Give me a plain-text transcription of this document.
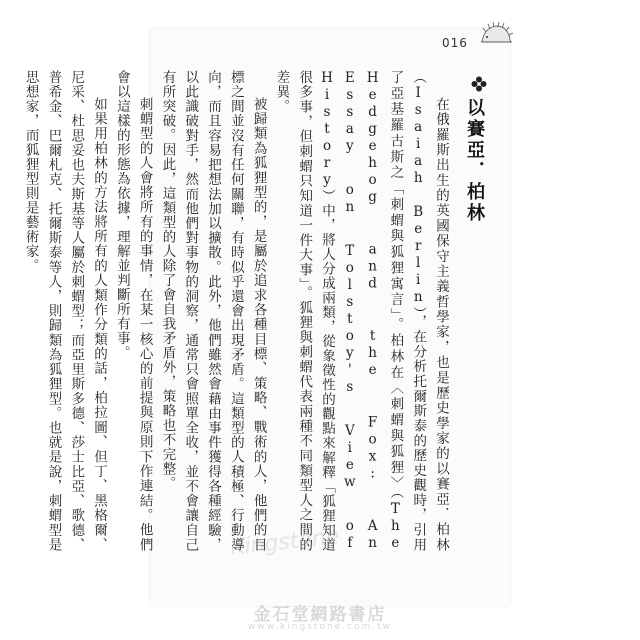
016
以賽亞．柏林

在俄羅斯出生的英國保守主義哲學家，也是歷史學家的以賽亞．柏林（Isaiah Berlin），在分析托爾斯泰的歷史觀時，引用了亞基羅古斯之「刺蝟與狐狸寓言」。柏林在〈刺蝟與狐狸〉（The Hedgehog and the Fox: An Essay on Tolstoy's View of History）中，將人分成兩類，從象徵性的觀點來解釋「狐狸知道很多事，但刺蝟只知道一件大事」。狐狸與刺蝟代表兩種不同類型人之間的差異。

被歸類為狐狸型的，是屬於追求各種目標、策略、戰術的人，他們的目標之間並沒有任何關聯，有時似乎還會出現矛盾。這類型的人積極、行動導向，而且容易把想法加以擴散。此外，他們雖然會藉由事件獲得各種經驗，以此識破對手，然而他們對事物的洞察，通常只會照單全收，並不會讓自己有所突破。因此，這類型的人除了會自我矛盾外，策略也不完整。

刺蝟型的人會將所有的事情，在某一核心的前提與原則下作連結。他們會以這樣的形態為依據，理解並判斷所有事。

如果用柏林的方法將所有的人類作分類的話，柏拉圖、但丁、黑格爾、尼采、杜思妥也夫斯基等人屬於刺蝟型；而亞里斯多德、莎士比亞、歌德、普希金、巴爾札克、托爾斯泰等人，則歸類為狐狸型。也就是說，刺蝟型是思想家，而狐狸型則是藝術家。

Kingstone
金石堂網路書店
www.kingstone.com.tw
